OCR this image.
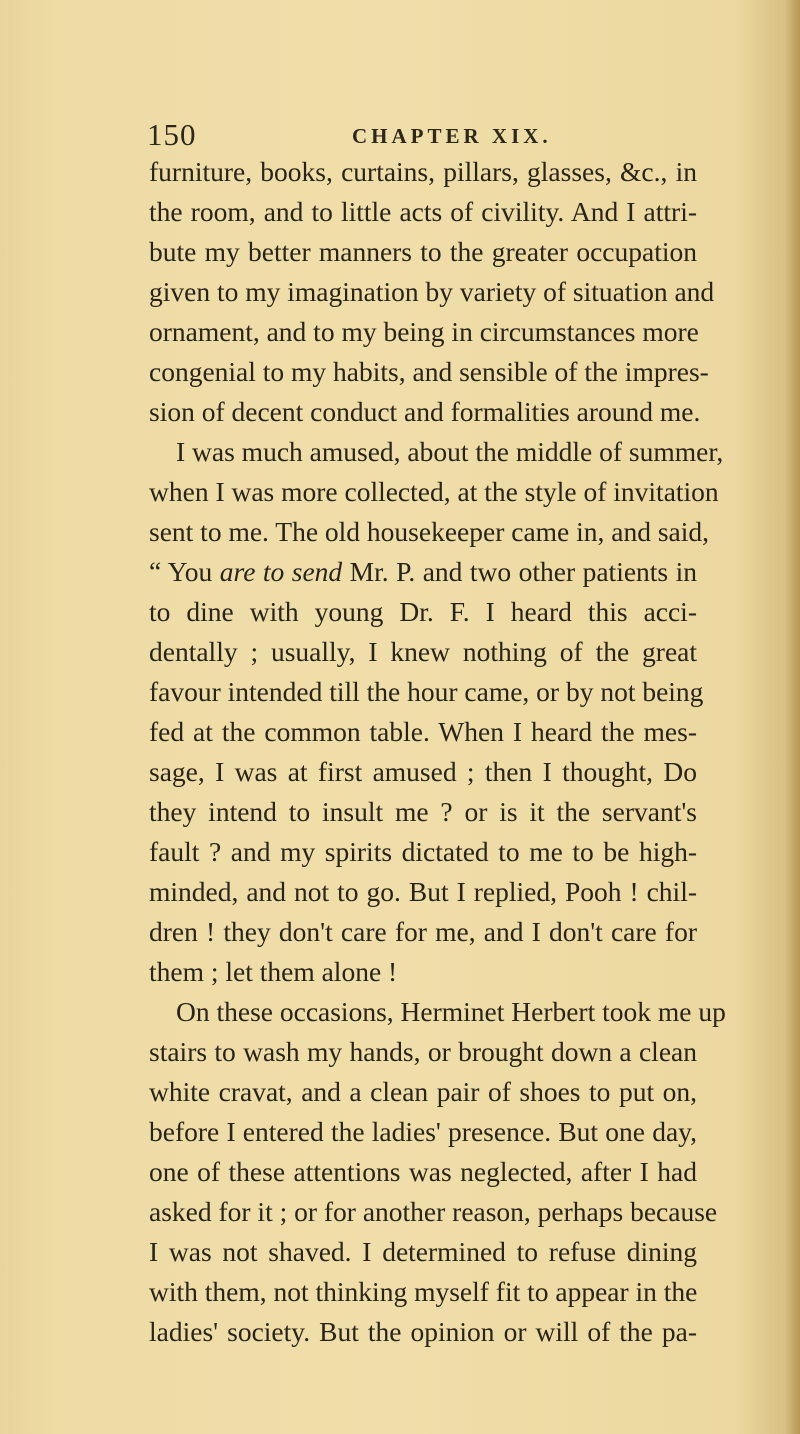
150	CHAPTER XIX.
furniture, books, curtains, pillars, glasses, &c., in
the room, and to little acts of civility. And I attri-
bute my better manners to the greater occupation
given to my imagination by variety of situation and
ornament, and to my being in circumstances more
congenial to my habits, and sensible of the impres-
sion of decent conduct and formalities around me.
I was much amused, about the middle of summer,
when I was more collected, at the style of invitation
sent to me. The old housekeeper came in, and said,
“ You are to send Mr. P. and two other patients in
to dine with young Dr. F. I heard this acci-
dentally ; usually, I knew nothing of the great
favour intended till the hour came, or by not being
fed at the common table. When I heard the mes-
sage, I was at first amused ; then I thought, Do
they intend to insult me ? or is it the servant's
fault ? and my spirits dictated to me to be high-
minded, and not to go. But I replied, Pooh ! chil-
dren ! they don't care for me, and I don't care for
them ; let them alone !
On these occasions, Herminet Herbert took me up
stairs to wash my hands, or brought down a clean
white cravat, and a clean pair of shoes to put on,
before I entered the ladies' presence. But one day,
one of these attentions was neglected, after I had
asked for it ; or for another reason, perhaps because
I was not shaved. I determined to refuse dining
with them, not thinking myself fit to appear in the
ladies' society. But the opinion or will of the pa-
